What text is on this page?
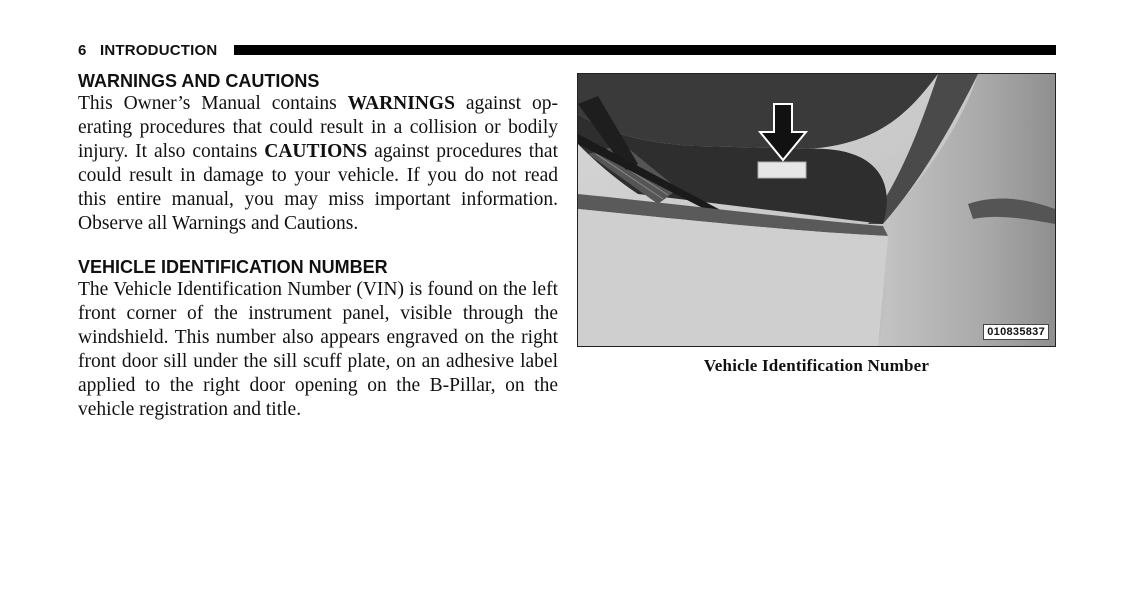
6 INTRODUCTION
WARNINGS AND CAUTIONS

This Owner’s Manual contains WARNINGS against operating procedures that could result in a collision or bodily injury. It also contains CAUTIONS against procedures that could result in damage to your vehicle. If you do not read this entire manual, you may miss important information. Observe all Warnings and Cautions.

VEHICLE IDENTIFICATION NUMBER

The Vehicle Identification Number (VIN) is found on the left front corner of the instrument panel, visible through the windshield. This number also appears engraved on the right front door sill under the sill scuff plate, on an adhesive label applied to the right door opening on the B-Pillar, on the vehicle registration and title.

010835837
Vehicle Identification Number
